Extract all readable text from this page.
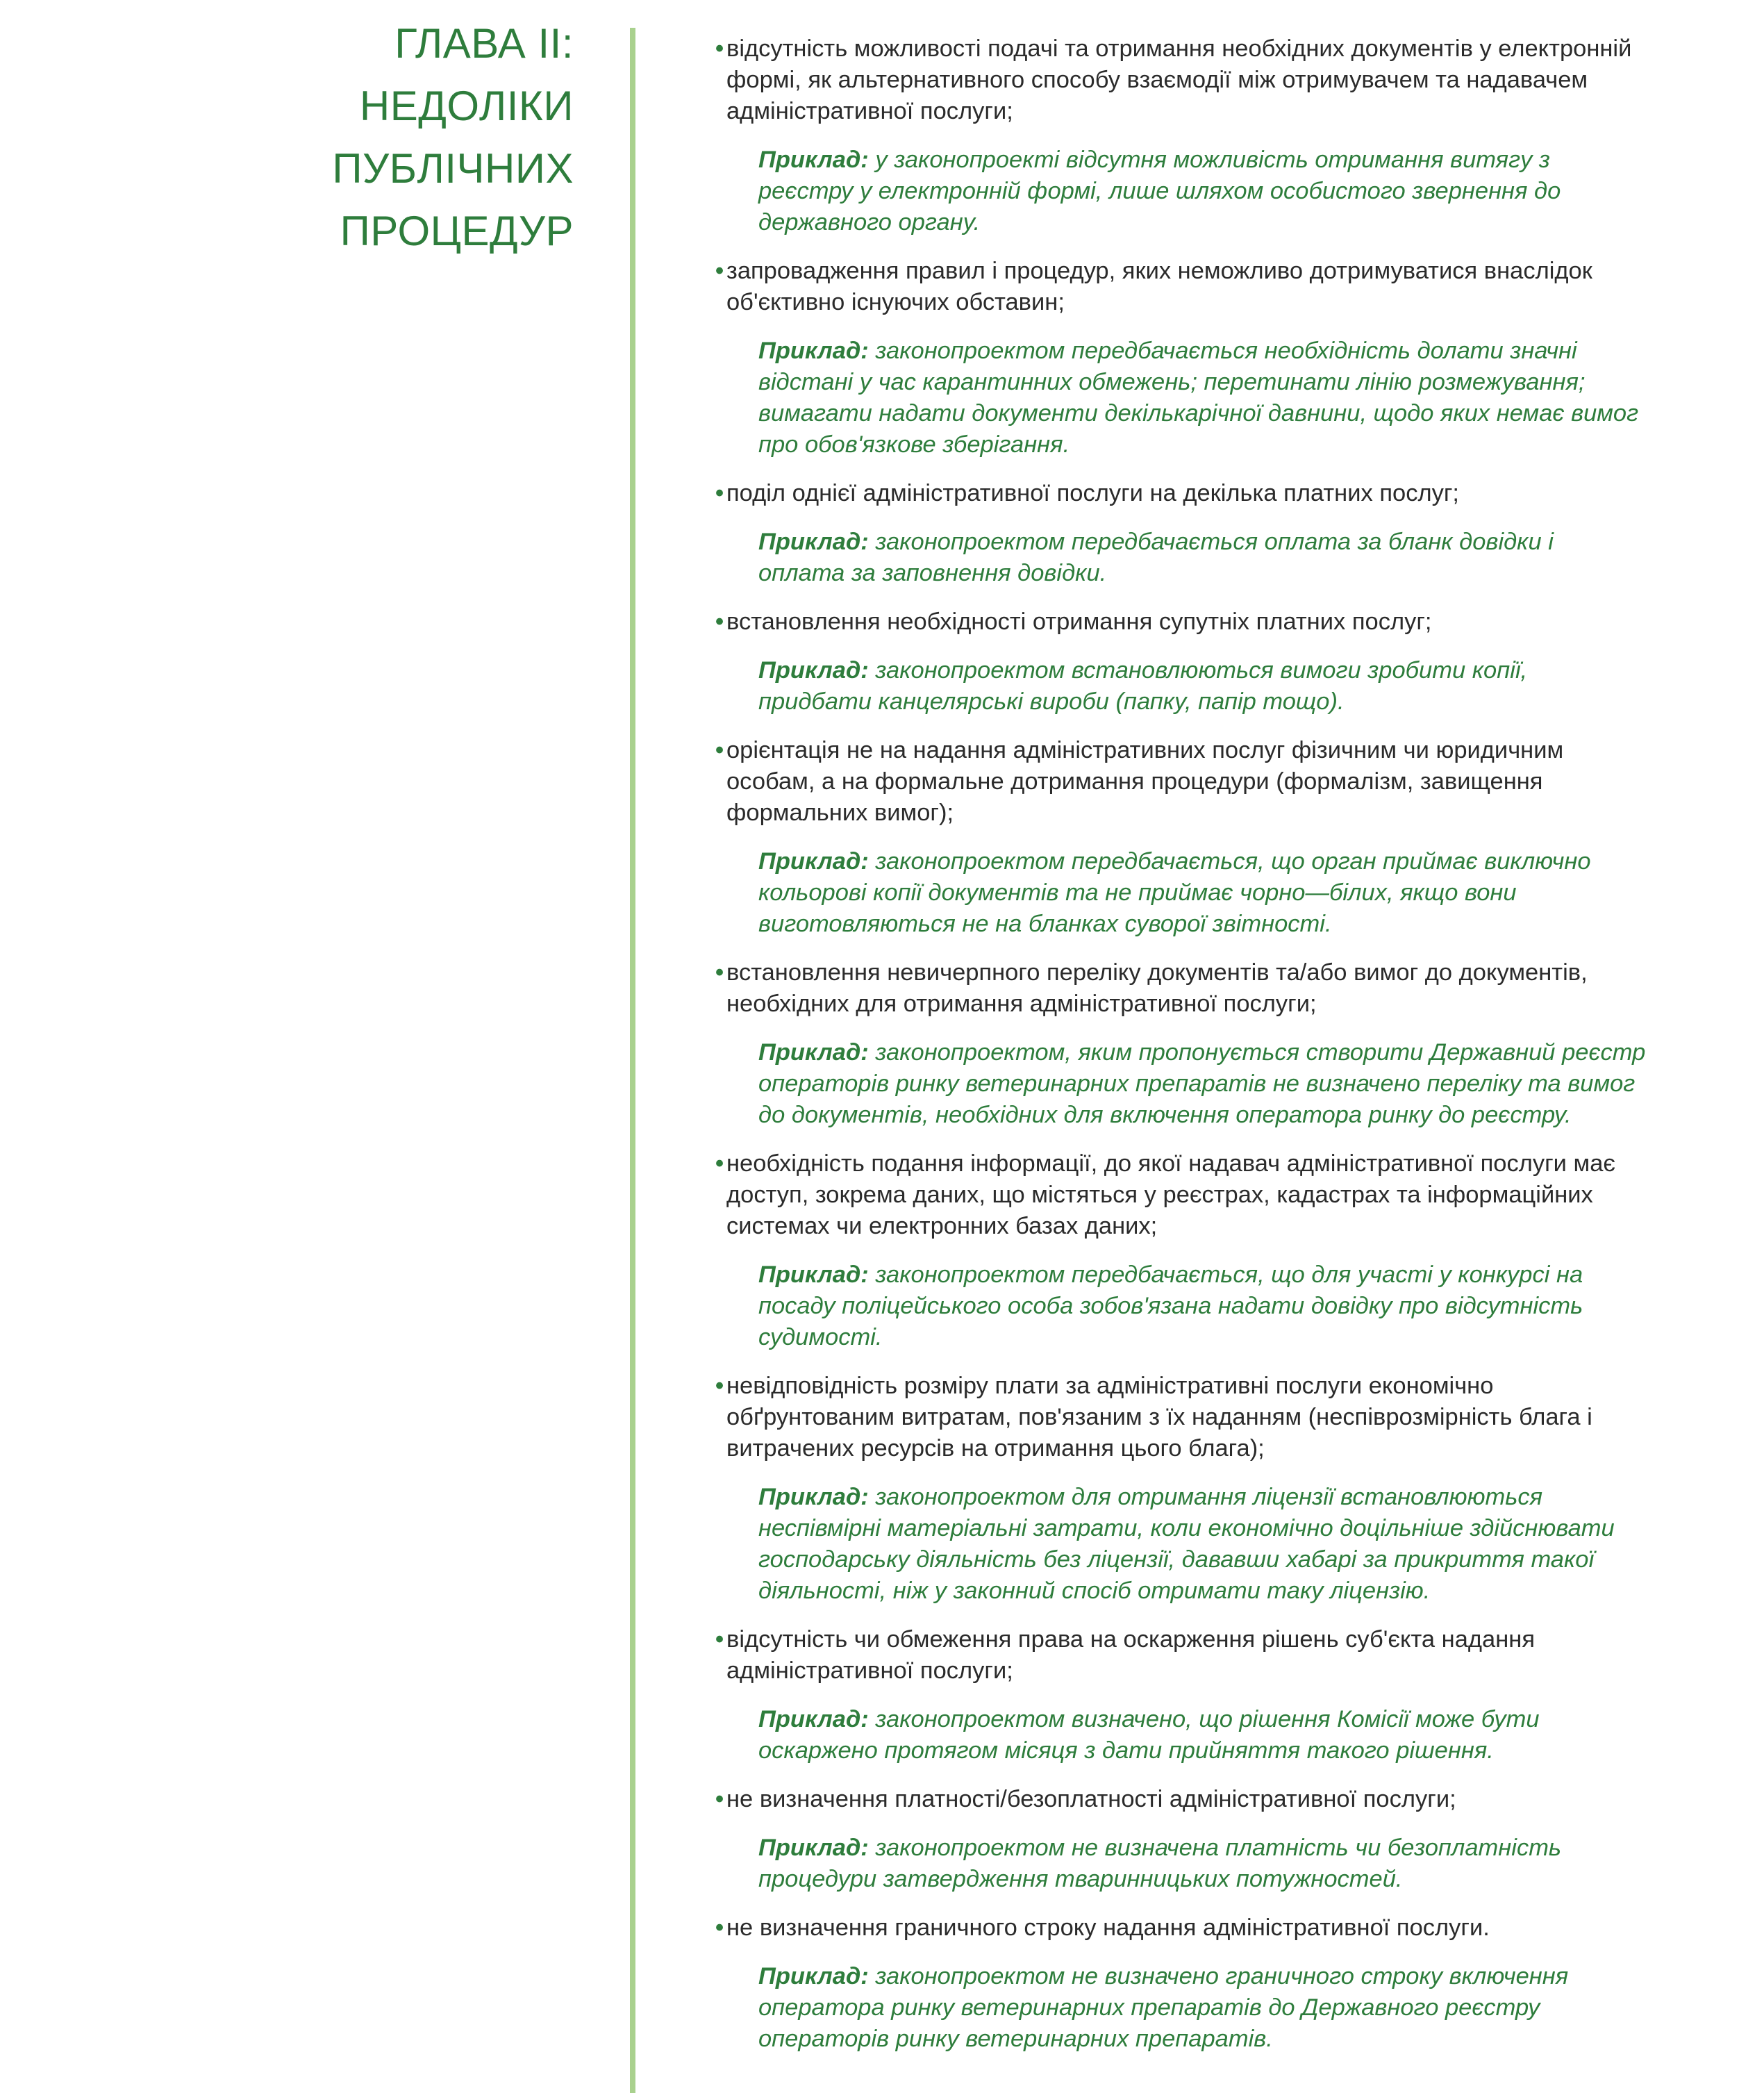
ГЛАВА II:
НЕДОЛІКИ
ПУБЛІЧНИХ
ПРОЦЕДУР
• відсутність можливості подачі та отримання необхідних документів у електронній формі, як альтернативного способу взаємодії між отримувачем та надавачем адміністративної послуги;
Приклад: у законопроекті відсутня можливість отримання витягу з реєстру у електронній формі, лише шляхом особистого звернення до державного органу.
• запровадження правил і процедур, яких неможливо дотримуватися внаслідок об'єктивно існуючих обставин;
Приклад: законопроектом передбачається необхідність долати значні відстані у час карантинних обмежень; перетинати лінію розмежування; вимагати надати документи декількарічної давнини, щодо яких немає вимог про обов'язкове зберігання.
• поділ однієї адміністративної послуги на декілька платних послуг;
Приклад: законопроектом передбачається оплата за бланк довідки і оплата за заповнення довідки.
• встановлення необхідності отримання супутніх платних послуг;
Приклад: законопроектом встановлюються вимоги зробити копії, придбати канцелярські вироби (папку, папір тощо).
• орієнтація не на надання адміністративних послуг фізичним чи юридичним особам, а на формальне дотримання процедури (формалізм, завищення формальних вимог);
Приклад: законопроектом передбачається, що орган приймає виключно кольорові копії документів та не приймає чорно—білих, якщо вони виготовляються не на бланках суворої звітності.
• встановлення невичерпного переліку документів та/або вимог до документів, необхідних для отримання адміністративної послуги;
Приклад: законопроектом, яким пропонується створити Державний реєстр операторів ринку ветеринарних препаратів не визначено переліку та вимог до документів, необхідних для включення оператора ринку до реєстру.
• необхідність подання інформації, до якої надавач адміністративної послуги має доступ, зокрема даних, що містяться у реєстрах, кадастрах та інформаційних системах чи електронних базах даних;
Приклад: законопроектом передбачається, що для участі у конкурсі на посаду поліцейського особа зобов'язана надати довідку про відсутність судимості.
• невідповідність розміру плати за адміністративні послуги економічно обґрунтованим витратам, пов'язаним з їх наданням (неспіврозмірність блага і витрачених ресурсів на отримання цього блага);
Приклад: законопроектом для отримання ліцензії встановлюються неспівмірні матеріальні затрати, коли економічно доцільніше здійснювати господарську діяльність без ліцензії, дававши хабарі за прикриття такої діяльності, ніж у законний спосіб отримати таку ліцензію.
• відсутність чи обмеження права на оскарження рішень суб'єкта надання адміністративної послуги;
Приклад: законопроектом визначено, що рішення Комісії може бути оскаржено протягом місяця з дати прийняття такого рішення.
• не визначення платності/безоплатності адміністративної послуги;
Приклад: законопроектом не визначена платність чи безоплатність процедури затвердження тваринницьких потужностей.
• не визначення граничного строку надання адміністративної послуги.
Приклад: законопроектом не визначено граничного строку включення оператора ринку ветеринарних препаратів до Державного реєстру операторів ринку ветеринарних препаратів.
